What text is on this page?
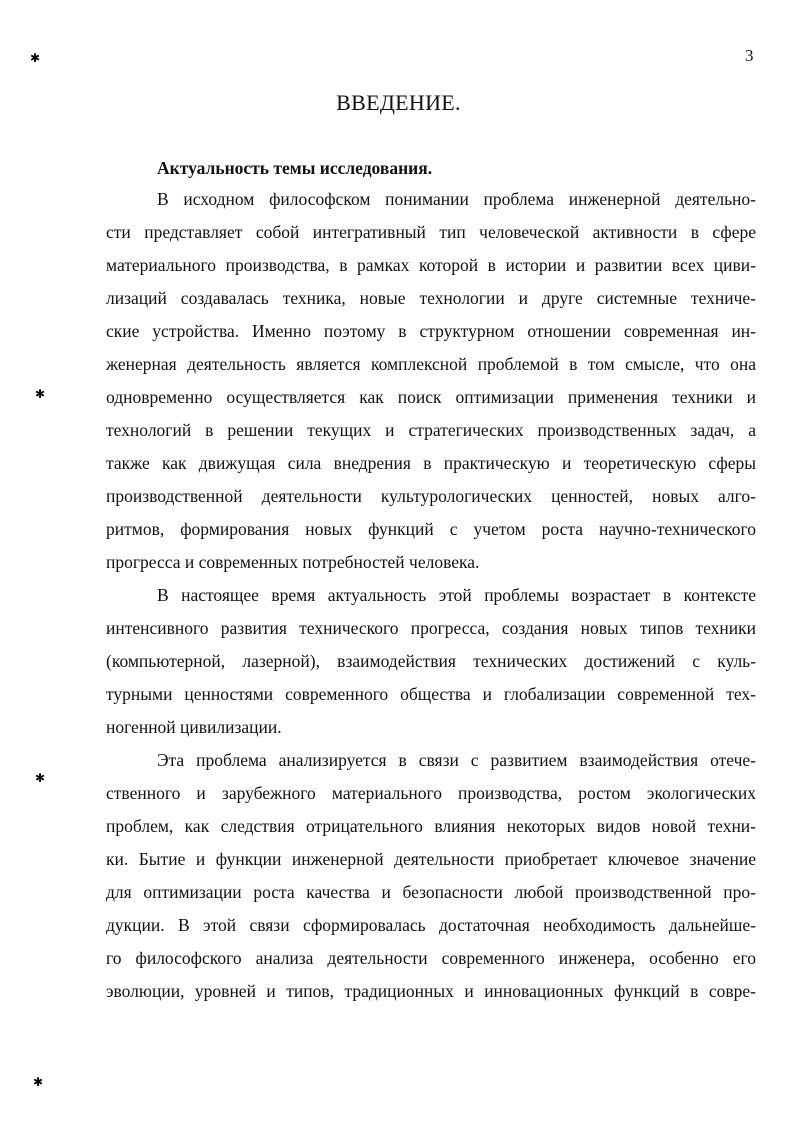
3
ВВЕДЕНИЕ.
Актуальность темы исследования.
В исходном философском понимании проблема инженерной деятельно-
сти представляет собой интегративный тип человеческой активности в сфере
материального производства, в рамках которой в истории и развитии всех циви-
лизаций создавалась техника, новые технологии и друге системные техниче-
ские устройства. Именно поэтому в структурном отношении современная ин-
женерная деятельность является комплексной проблемой в том смысле, что она
одновременно осуществляется как поиск оптимизации применения техники и
технологий в решении текущих и стратегических производственных задач, а
также как движущая сила внедрения в практическую и теоретическую сферы
производственной деятельности культурологических ценностей, новых алго-
ритмов, формирования новых функций с учетом роста научно-технического
прогресса и современных потребностей человека.
В настоящее время актуальность этой проблемы возрастает в контексте
интенсивного развития технического прогресса, создания новых типов техники
(компьютерной, лазерной), взаимодействия технических достижений с куль-
турными ценностями современного общества и глобализации современной тех-
ногенной цивилизации.
Эта проблема анализируется в связи с развитием взаимодействия отече-
ственного и зарубежного материального производства, ростом экологических
проблем, как следствия отрицательного влияния некоторых видов новой техни-
ки. Бытие и функции инженерной деятельности приобретает ключевое значение
для оптимизации роста качества и безопасности любой производственной про-
дукции. В этой связи сформировалась достаточная необходимость дальнейше-
го философского анализа деятельности современного инженера, особенно его
эволюции, уровней и типов, традиционных и инновационных функций в совре-
✱
✱
✱
✱
